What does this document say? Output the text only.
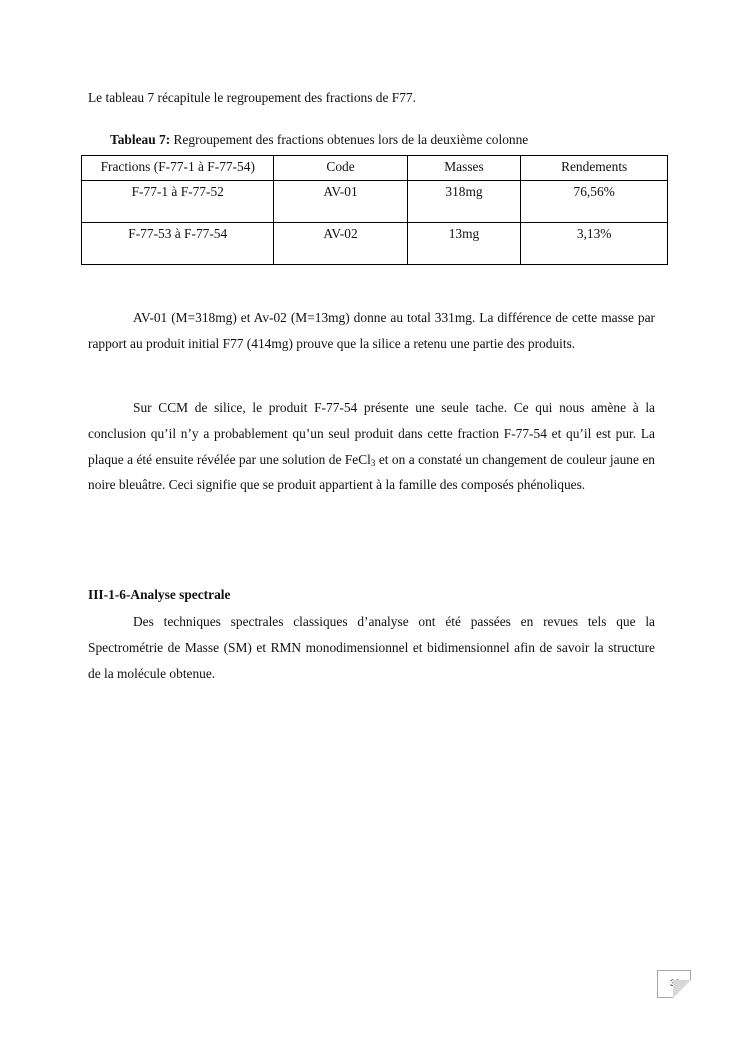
Le tableau 7 récapitule le regroupement des fractions de F77.
Tableau 7: Regroupement des fractions obtenues lors de la deuxième colonne
Fractions (F-77-1 à F-77-54)	Code	Masses	Rendements
F-77-1 à F-77-52	AV-01	318mg	76,56%
F-77-53 à F-77-54	AV-02	13mg	3,13%

AV-01 (M=318mg) et Av-02 (M=13mg) donne au total 331mg. La différence de cette masse par rapport au produit initial F77 (414mg) prouve que la silice a retenu une partie des produits.

Sur CCM de silice, le produit F-77-54 présente une seule tache. Ce qui nous amène à la conclusion qu’il n’y a probablement qu’un seul produit dans cette fraction F-77-54 et qu’il est pur. La plaque a été ensuite révélée par une solution de FeCl$_3$ et on a constaté un changement de couleur jaune en noire bleuâtre. Ceci signifie que se produit appartient à la famille des composés phénoliques.

III-1-6-Analyse spectrale

Des techniques spectrales classiques d’analyse ont été passées en revues tels que la Spectrométrie de Masse (SM) et RMN monodimensionnel et bidimensionnel afin de savoir la structure de la molécule obtenue.

38
